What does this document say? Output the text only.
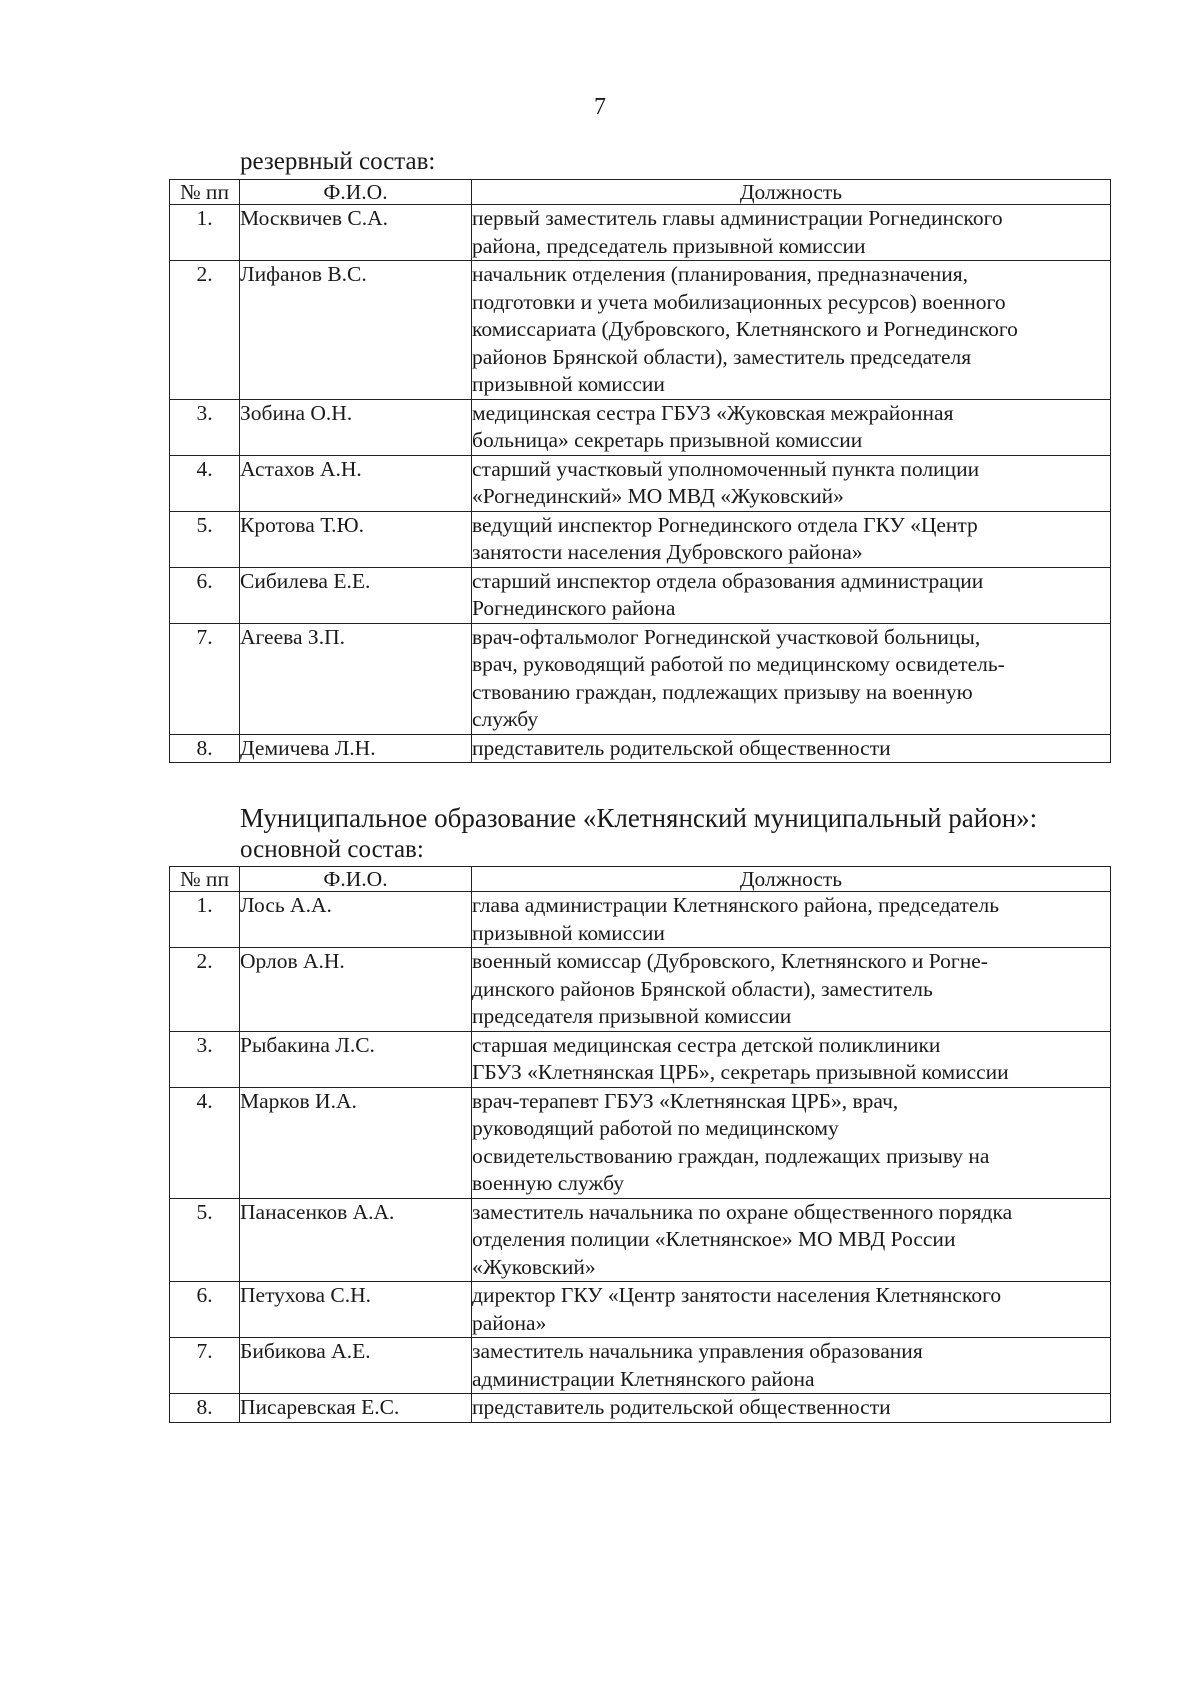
7
резервный состав:
№ пп	Ф.И.О.	Должность
1.	Москвичев С.А.	первый заместитель главы администрации Рогнединского
района, председатель призывной комиссии

2.	Лифанов В.С.	начальник отделения (планирования, предназначения,
подготовки и учета мобилизационных ресурсов) военного
комиссариата (Дубровского, Клетнянского и Рогнединского
районов Брянской области), заместитель председателя
призывной комиссии

3.	Зобина О.Н.	медицинская сестра ГБУЗ «Жуковская межрайонная
больница» секретарь призывной комиссии

4.	Астахов А.Н.	старший участковый уполномоченный пункта полиции
«Рогнединский» МО МВД «Жуковский»

5.	Кротова Т.Ю.	ведущий инспектор Рогнединского отдела ГКУ «Центр
занятости населения Дубровского района»

6.	Сибилева Е.Е.	старший инспектор отдела образования администрации
Рогнединского района

7.	Агеева З.П.	врач-офтальмолог Рогнединской участковой больницы,
врач, руководящий работой по медицинскому освидетель-
ствованию граждан, подлежащих призыву на военную
службу

8.	Демичева Л.Н.	представитель родительской общественности
Муниципальное образование «Клетнянский муниципальный район»:
основной состав:
№ пп	Ф.И.О.	Должность
1.	Лось А.А.	глава администрации Клетнянского района, председатель
призывной комиссии

2.	Орлов А.Н.	военный комиссар (Дубровского, Клетнянского и Рогне-
динского районов Брянской области), заместитель
председателя призывной комиссии

3.	Рыбакина Л.С.	старшая медицинская сестра детской поликлиники
ГБУЗ «Клетнянская ЦРБ», секретарь призывной комиссии

4.	Марков И.А.	врач-терапевт ГБУЗ «Клетнянская ЦРБ», врач,
руководящий работой по медицинскому
освидетельствованию граждан, подлежащих призыву на
военную службу

5.	Панасенков А.А.	заместитель начальника по охране общественного порядка
отделения полиции «Клетнянское» МО МВД России
«Жуковский»

6.	Петухова С.Н.	директор ГКУ «Центр занятости населения Клетнянского
района»

7.	Бибикова А.Е.	заместитель начальника управления образования
администрации Клетнянского района

8.	Писаревская Е.С.	представитель родительской общественности
